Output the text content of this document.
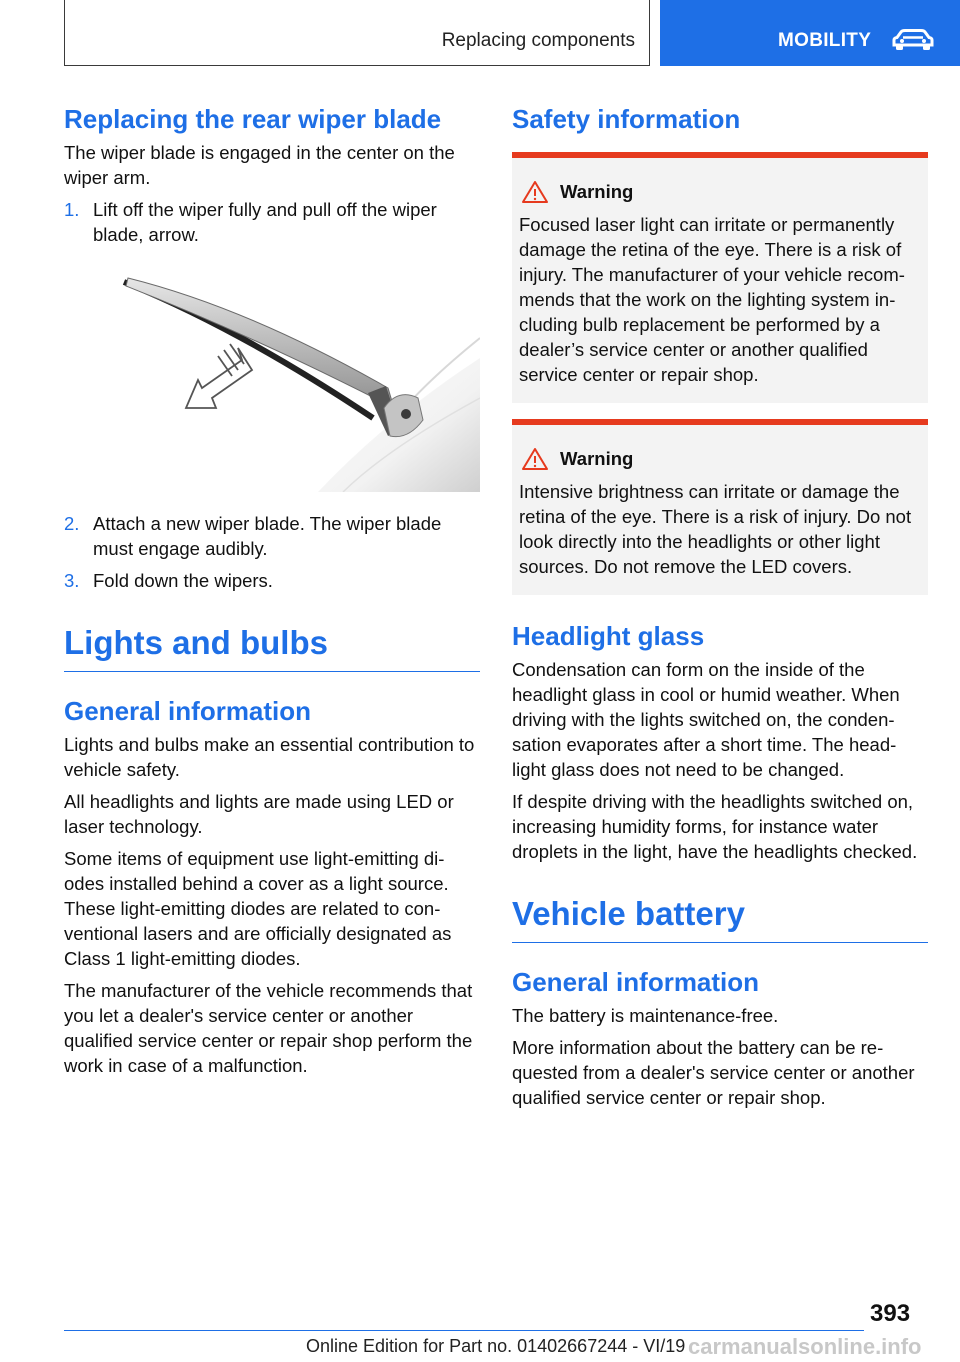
Replacing components	MOBILITY
Replacing the rear wiper blade

The wiper blade is engaged in the center on the wiper arm.

1. Lift off the wiper fully and pull off the wiper blade, arrow.
2. Attach a new wiper blade. The wiper blade must engage audibly.
3. Fold down the wipers.
Lights and bulbs
General information

Lights and bulbs make an essential contribution to vehicle safety.

All headlights and lights are made using LED or laser technology.

Some items of equipment use light-emitting di‐odes installed behind a cover as a light source. These light-emitting diodes are related to con‐ventional lasers and are officially designated as Class 1 light-emitting diodes.

The manufacturer of the vehicle recommends that you let a dealer's service center or another qualified service center or repair shop perform the work in case of a malfunction.

Safety information
Warning

Focused laser light can irritate or permanently damage the retina of the eye. There is a risk of injury. The manufacturer of your vehicle recom‐mends that the work on the lighting system in‐cluding bulb replacement be performed by a dealer’s service center or another qualified service center or repair shop.

Warning

Intensive brightness can irritate or damage the retina of the eye. There is a risk of injury. Do not look directly into the headlights or other light sources. Do not remove the LED covers.

Headlight glass

Condensation can form on the inside of the headlight glass in cool or humid weather. When driving with the lights switched on, the conden‐sation evaporates after a short time. The head‐light glass does not need to be changed.

If despite driving with the headlights switched on, increasing humidity forms, for instance water droplets in the light, have the headlights checked.

Vehicle battery
General information

The battery is maintenance-free.

More information about the battery can be re‐quested from a dealer's service center or another qualified service center or repair shop.

393
Online Edition for Part no. 01402667244 - VI/19 carmanualsonline.info
